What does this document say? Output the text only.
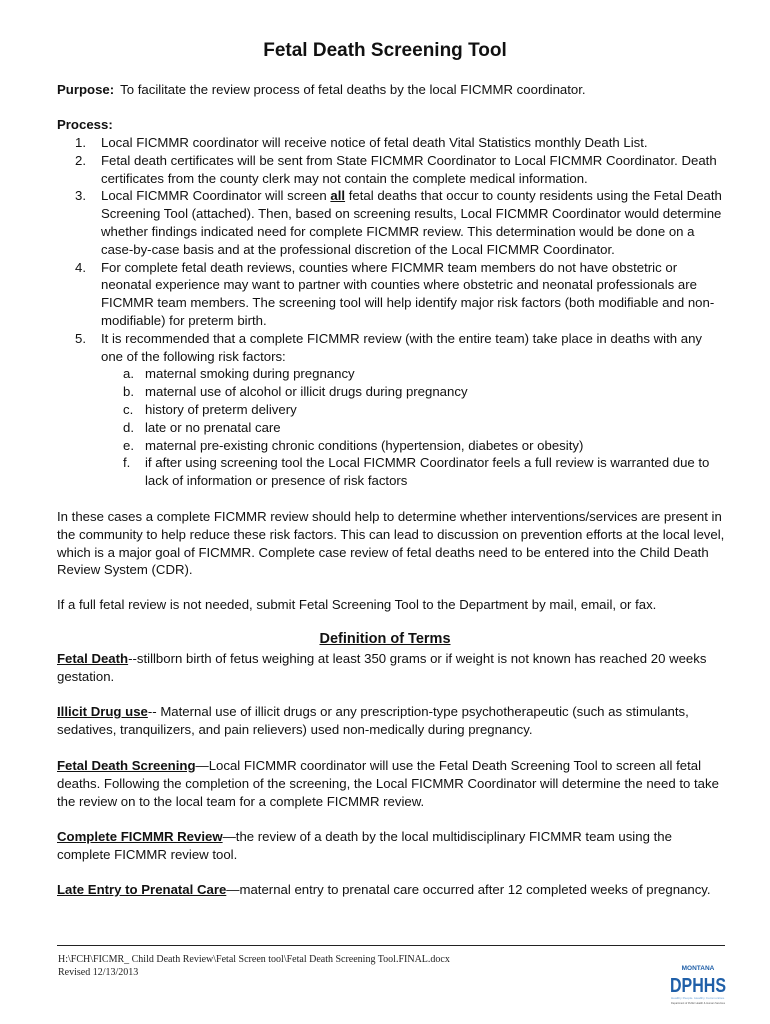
Fetal Death Screening Tool
Purpose: To facilitate the review process of fetal deaths by the local FICMMR coordinator.
Process:
1. Local FICMMR coordinator will receive notice of fetal death Vital Statistics monthly Death List.
2. Fetal death certificates will be sent from State FICMMR Coordinator to Local FICMMR Coordinator. Death certificates from the county clerk may not contain the complete medical information.
3. Local FICMMR Coordinator will screen all fetal deaths that occur to county residents using the Fetal Death Screening Tool (attached). Then, based on screening results, Local FICMMR Coordinator would determine whether findings indicated need for complete FICMMR review. This determination would be done on a case-by-case basis and at the professional discretion of the Local FICMMR Coordinator.
4. For complete fetal death reviews, counties where FICMMR team members do not have obstetric or neonatal experience may want to partner with counties where obstetric and neonatal professionals are FICMMR team members. The screening tool will help identify major risk factors (both modifiable and non-modifiable) for preterm birth.
5. It is recommended that a complete FICMMR review (with the entire team) take place in deaths with any one of the following risk factors:
a. maternal smoking during pregnancy
b. maternal use of alcohol or illicit drugs during pregnancy
c. history of preterm delivery
d. late or no prenatal care
e. maternal pre-existing chronic conditions (hypertension, diabetes or obesity)
f. if after using screening tool the Local FICMMR Coordinator feels a full review is warranted due to lack of information or presence of risk factors
In these cases a complete FICMMR review should help to determine whether interventions/services are present in the community to help reduce these risk factors. This can lead to discussion on prevention efforts at the local level, which is a major goal of FICMMR. Complete case review of fetal deaths need to be entered into the Child Death Review System (CDR).
If a full fetal review is not needed, submit Fetal Screening Tool to the Department by mail, email, or fax.
Definition of Terms
Fetal Death--stillborn birth of fetus weighing at least 350 grams or if weight is not known has reached 20 weeks gestation.
Illicit Drug use-- Maternal use of illicit drugs or any prescription-type psychotherapeutic (such as stimulants, sedatives, tranquilizers, and pain relievers) used non-medically during pregnancy.
Fetal Death Screening—Local FICMMR coordinator will use the Fetal Death Screening Tool to screen all fetal deaths. Following the completion of the screening, the Local FICMMR Coordinator will determine the need to take the review on to the local team for a complete FICMMR review.
Complete FICMMR Review—the review of a death by the local multidisciplinary FICMMR team using the complete FICMMR review tool.
Late Entry to Prenatal Care—maternal entry to prenatal care occurred after 12 completed weeks of pregnancy.
H:\FCH\FICMR_ Child Death Review\Fetal Screen tool\Fetal Death Screening Tool.FINAL.docx
Revised 12/13/2013	MONTANA
DPHHS
Healthy People. Healthy Communities.
Department of Public Health & Human Services
